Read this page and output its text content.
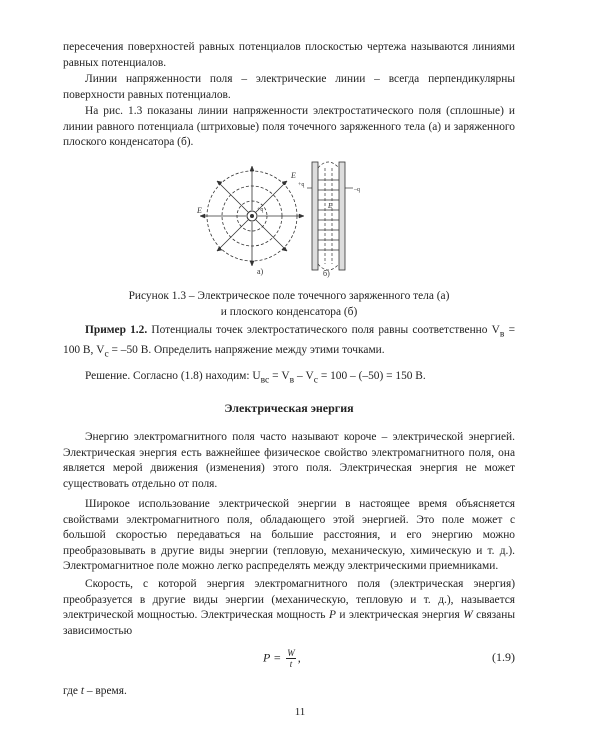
пересечения поверхностей равных потенциалов плоскостью чертежа называются линиями равных потенциалов.

Линии напряженности поля – электрические линии – всегда перпендикулярны поверхности равных потенциалов.

На рис. 1.3 показаны линии напряженности электростатического поля (сплошные) и линии равного потенциала (штриховые) поля точечного заряженного тела (а) и заряженного плоского конденсатора (б).

E
E
+q
а)
+q
–q
E
б)
Рисунок 1.3 – Электрическое поле точечного заряженного тела (а)
и плоского конденсатора (б)

Пример 1.2. Потенциалы точек электростатического поля равны соответственно $V_в = 100$ В, $V_с = -50$ В. Определить напряжение между этими точками.

Решение. Согласно (1.8) находим: $U_{вс} = V_в - V_с = 100 - (-50) = 150$ В.

Электрическая энергия

Энергию электромагнитного поля часто называют короче – электрической энергией. Электрическая энергия есть важнейшее физическое свойство электромагнитного поля, она является мерой движения (изменения) этого поля. Электрическая энергия не может существовать отдельно от поля.

Широкое использование электрической энергии в настоящее время объясняется свойствами электромагнитного поля, обладающего этой энергией. Это поле может с большой скоростью передаваться на большие расстояния, и его энергию можно преобразовывать в другие виды энергии (тепловую, механическую, химическую и т. д.). Электромагнитное поле можно легко распределять между электрическими приемниками.

Скорость, с которой энергия электромагнитного поля (электрическая энергия) преобразуется в другие виды энергии (механическую, тепловую и т. д.), называется электрической мощностью. Электрическая мощность P и электрическая энергия W связаны зависимостью

$P = \frac{W}{t}$ ,	(1.9)

где t – время.

11
